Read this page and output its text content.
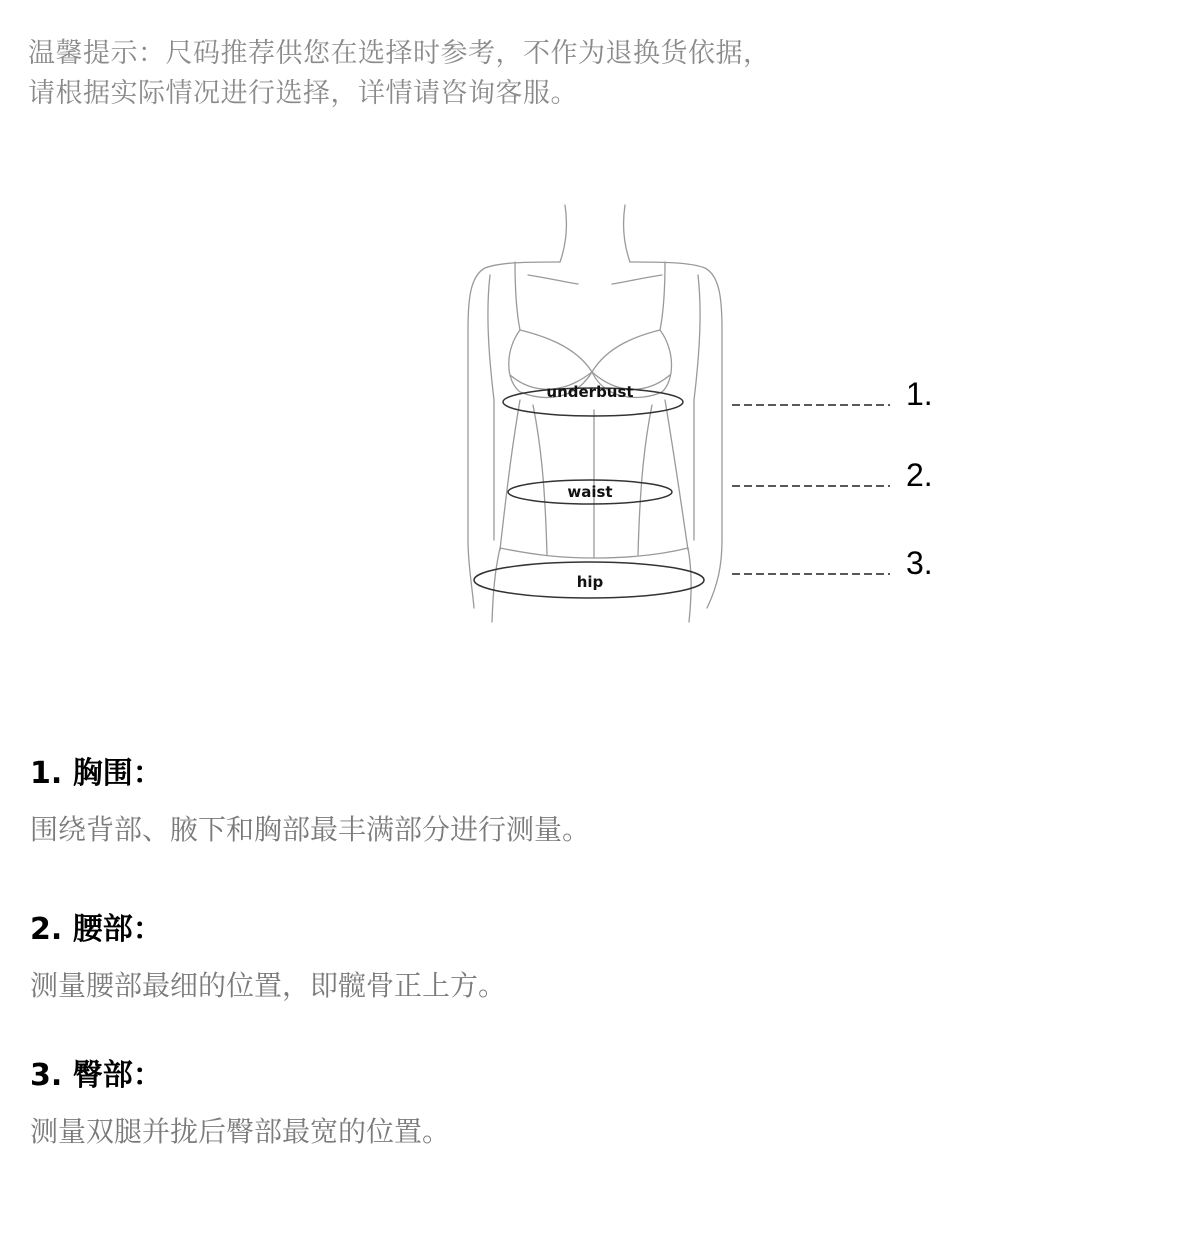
温馨提示：尺码推荐供您在选择时参考，不作为退换货依据，
请根据实际情况进行选择，详情请咨询客服。
underbust
waist
hip
1.
2.
3.
1. 胸围：
围绕背部、腋下和胸部最丰满部分进行测量。
2. 腰部：
测量腰部最细的位置，即髋骨正上方。
3. 臀部：
测量双腿并拢后臀部最宽的位置。
